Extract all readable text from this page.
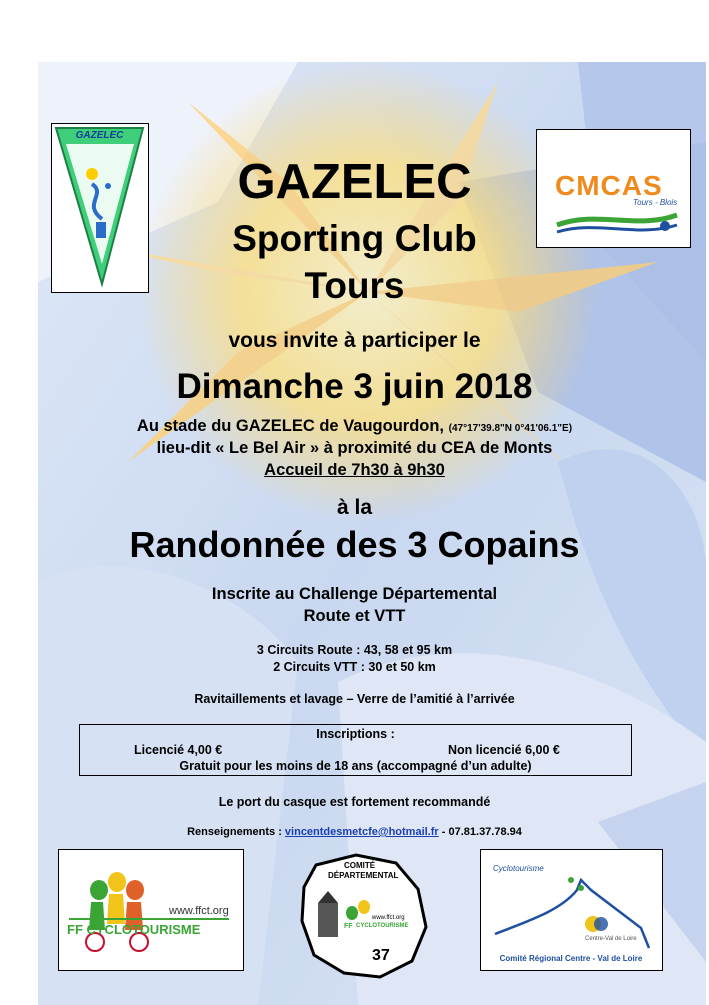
GAZELEC
CMCAS
Tours - Blois
GAZELEC
Sporting Club
Tours
vous invite à participer le
Dimanche 3 juin 2018
Au stade du GAZELEC de Vaugourdon, (47°17'39.8"N 0°41'06.1"E)
lieu-dit « Le Bel Air » à proximité du CEA de Monts
Accueil de 7h30 à 9h30
à la
Randonnée des 3 Copains
Inscrite au Challenge Départemental
Route et VTT
3 Circuits Route : 43, 58 et 95 km
2 Circuits VTT : 30 et 50 km
Ravitaillements et lavage – Verre de l’amitié à l’arrivée
Inscriptions :
Licencié 4,00 €	Non licencié 6,00 €
Gratuit pour les moins de 18 ans (accompagné d’un adulte)
Le port du casque est fortement recommandé
Renseignements : vincentdesmetcfe@hotmail.fr - 07.81.37.78.94
www.ffct.org
FF CYCLOTOURISME
COMITÉ
DÉPARTEMENTAL
www.ffct.org
FF CYCLOTOURISME
37
Cyclotourisme
Centre-Val de Loire
Comité Régional Centre - Val de Loire
